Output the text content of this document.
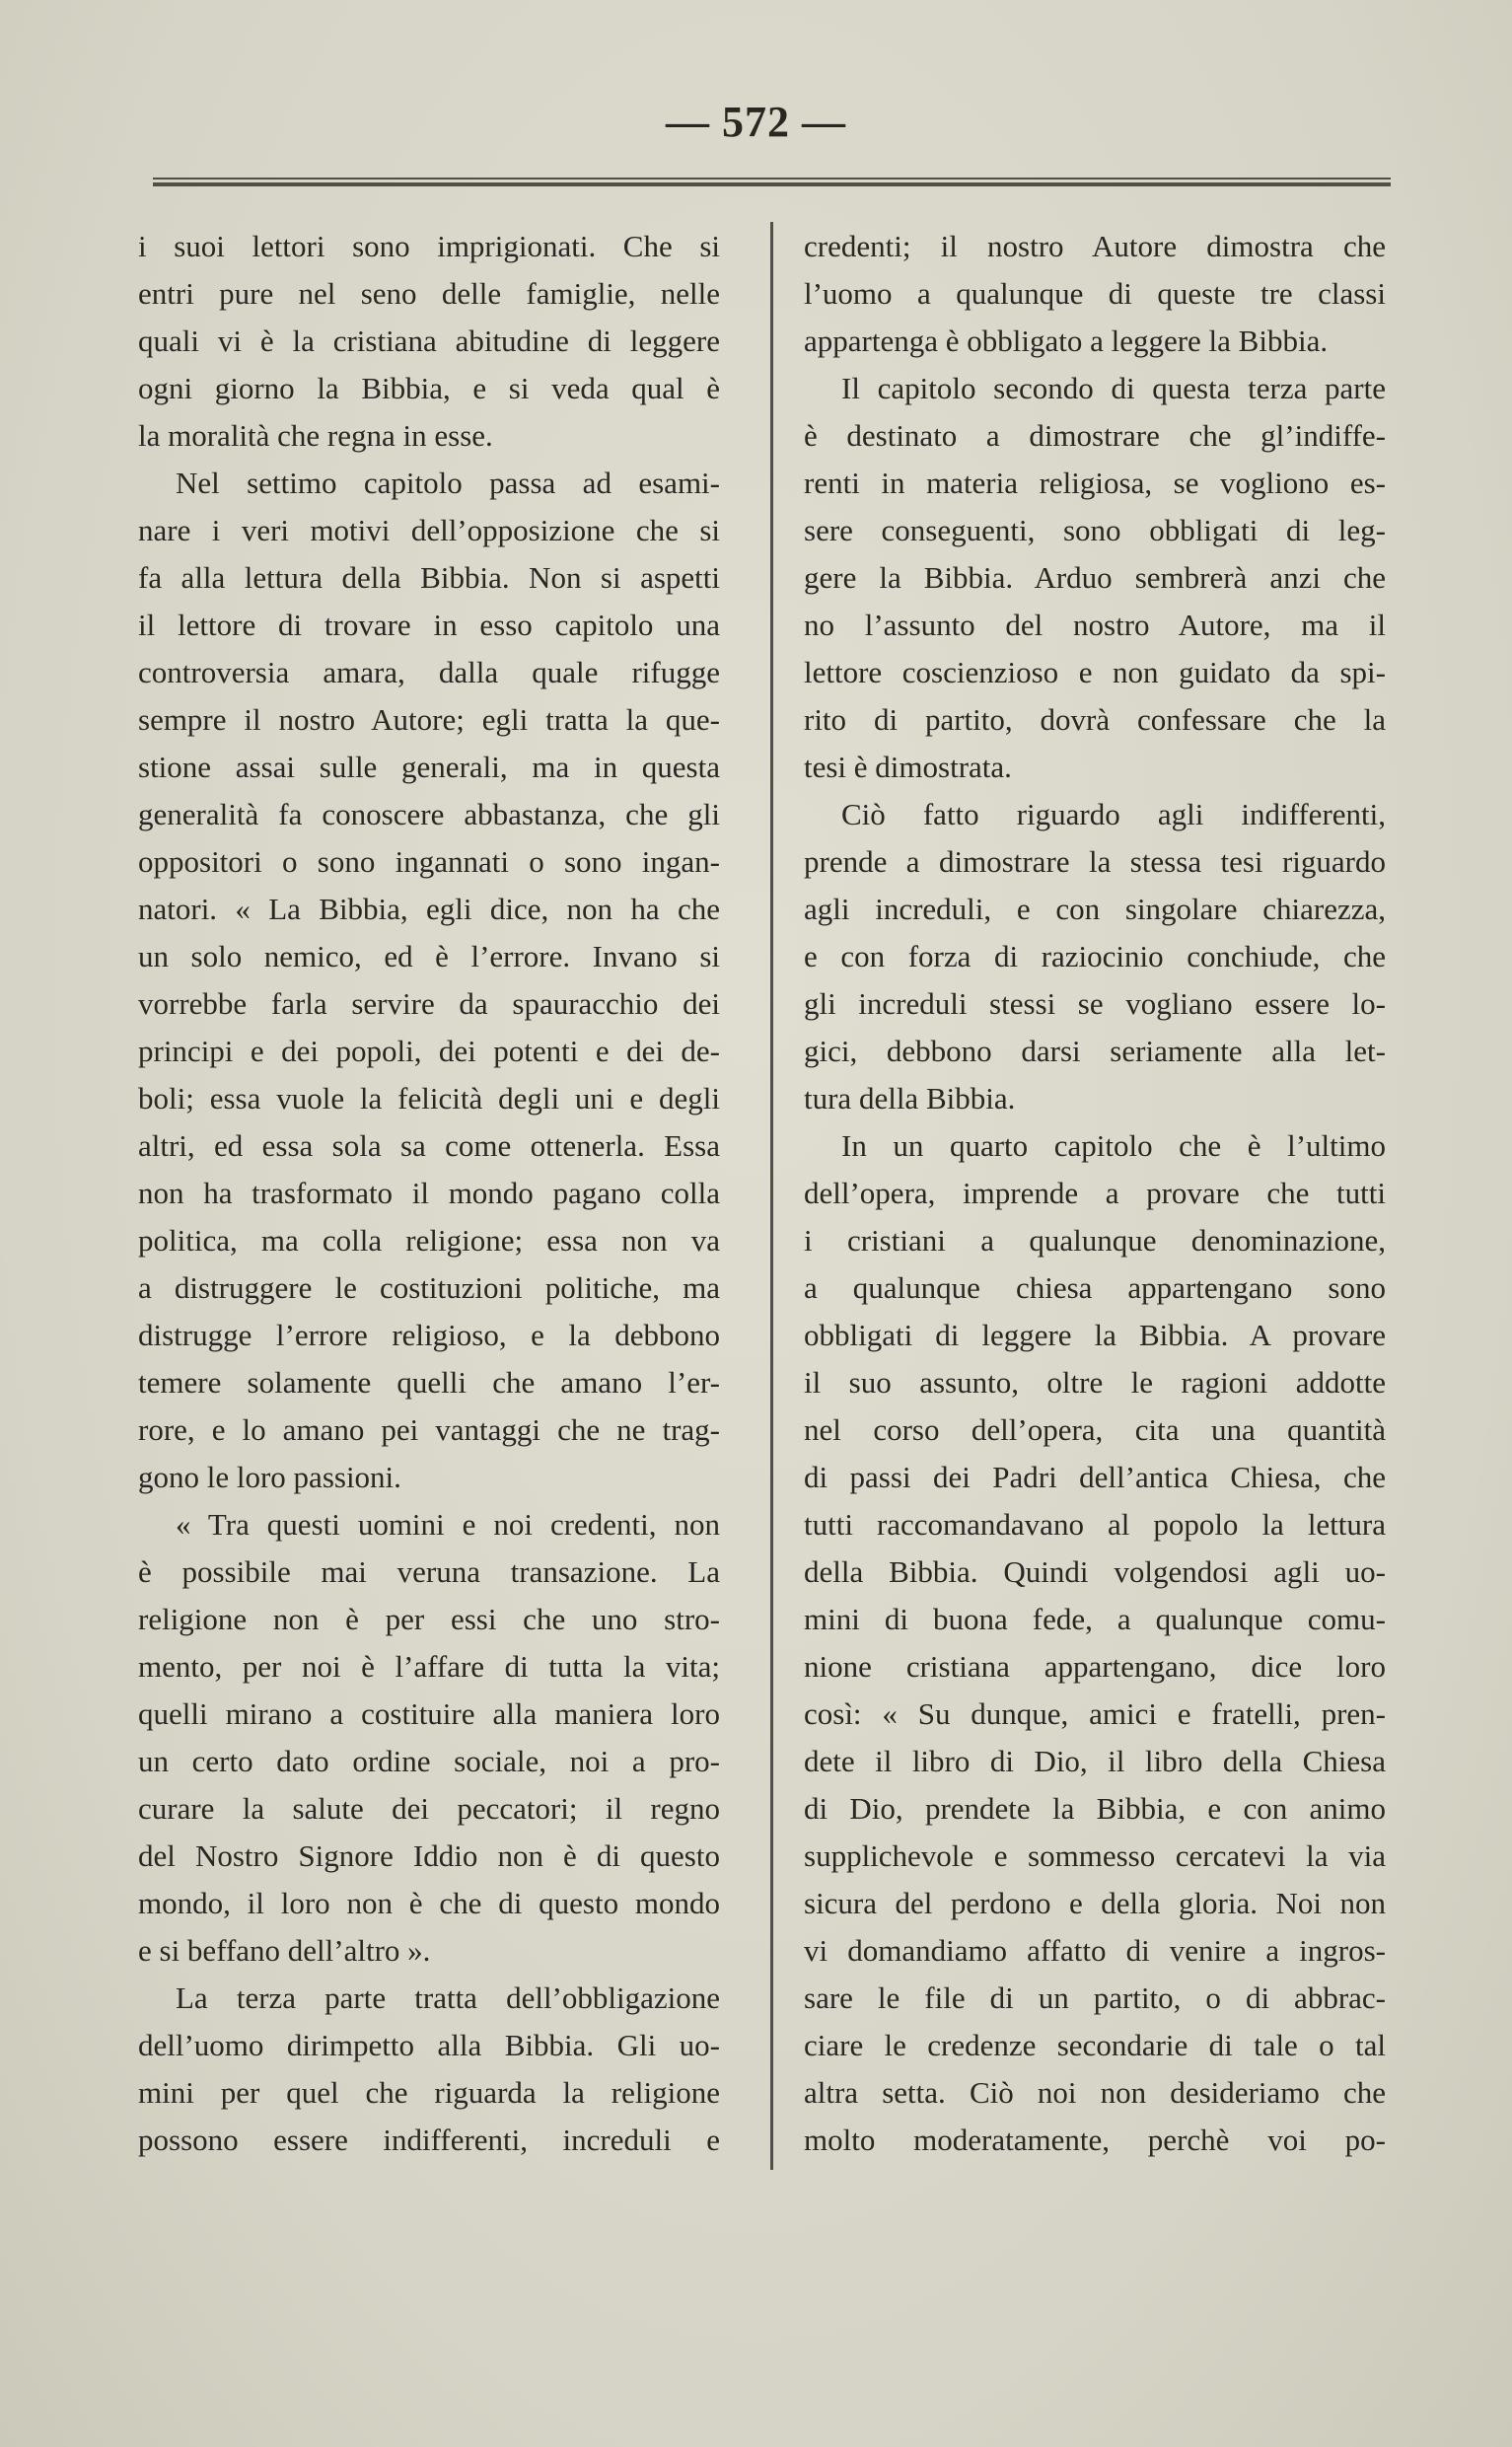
— 572 —
i suoi lettori sono imprigionati. Che si
entri pure nel seno delle famiglie, nelle
quali vi è la cristiana abitudine di leggere
ogni giorno la Bibbia, e si veda qual è
la moralità che regna in esse.
Nel settimo capitolo passa ad esami-
nare i veri motivi dell’opposizione che si
fa alla lettura della Bibbia. Non si aspetti
il lettore di trovare in esso capitolo una
controversia amara, dalla quale rifugge
sempre il nostro Autore; egli tratta la que-
stione assai sulle generali, ma in questa
generalità fa conoscere abbastanza, che gli
oppositori o sono ingannati o sono ingan-
natori. « La Bibbia, egli dice, non ha che
un solo nemico, ed è l’errore. Invano si
vorrebbe farla servire da spauracchio dei
principi e dei popoli, dei potenti e dei de-
boli; essa vuole la felicità degli uni e degli
altri, ed essa sola sa come ottenerla. Essa
non ha trasformato il mondo pagano colla
politica, ma colla religione; essa non va
a distruggere le costituzioni politiche, ma
distrugge l’errore religioso, e la debbono
temere solamente quelli che amano l’er-
rore, e lo amano pei vantaggi che ne trag-
gono le loro passioni.
« Tra questi uomini e noi credenti, non
è possibile mai veruna transazione. La
religione non è per essi che uno stro-
mento, per noi è l’affare di tutta la vita;
quelli mirano a costituire alla maniera loro
un certo dato ordine sociale, noi a pro-
curare la salute dei peccatori; il regno
del Nostro Signore Iddio non è di questo
mondo, il loro non è che di questo mondo
e si beffano dell’altro ».
La terza parte tratta dell’obbligazione
dell’uomo dirimpetto alla Bibbia. Gli uo-
mini per quel che riguarda la religione
possono essere indifferenti, increduli e
credenti; il nostro Autore dimostra che
l’uomo a qualunque di queste tre classi
appartenga è obbligato a leggere la Bibbia.
Il capitolo secondo di questa terza parte
è destinato a dimostrare che gl’indiffe-
renti in materia religiosa, se vogliono es-
sere conseguenti, sono obbligati di leg-
gere la Bibbia. Arduo sembrerà anzi che
no l’assunto del nostro Autore, ma il
lettore coscienzioso e non guidato da spi-
rito di partito, dovrà confessare che la
tesi è dimostrata.
Ciò fatto riguardo agli indifferenti,
prende a dimostrare la stessa tesi riguardo
agli increduli, e con singolare chiarezza,
e con forza di raziocinio conchiude, che
gli increduli stessi se vogliano essere lo-
gici, debbono darsi seriamente alla let-
tura della Bibbia.
In un quarto capitolo che è l’ultimo
dell’opera, imprende a provare che tutti
i cristiani a qualunque denominazione,
a qualunque chiesa appartengano sono
obbligati di leggere la Bibbia. A provare
il suo assunto, oltre le ragioni addotte
nel corso dell’opera, cita una quantità
di passi dei Padri dell’antica Chiesa, che
tutti raccomandavano al popolo la lettura
della Bibbia. Quindi volgendosi agli uo-
mini di buona fede, a qualunque comu-
nione cristiana appartengano, dice loro
così: « Su dunque, amici e fratelli, pren-
dete il libro di Dio, il libro della Chiesa
di Dio, prendete la Bibbia, e con animo
supplichevole e sommesso cercatevi la via
sicura del perdono e della gloria. Noi non
vi domandiamo affatto di venire a ingros-
sare le file di un partito, o di abbrac-
ciare le credenze secondarie di tale o tal
altra setta. Ciò noi non desideriamo che
molto moderatamente, perchè voi po-
